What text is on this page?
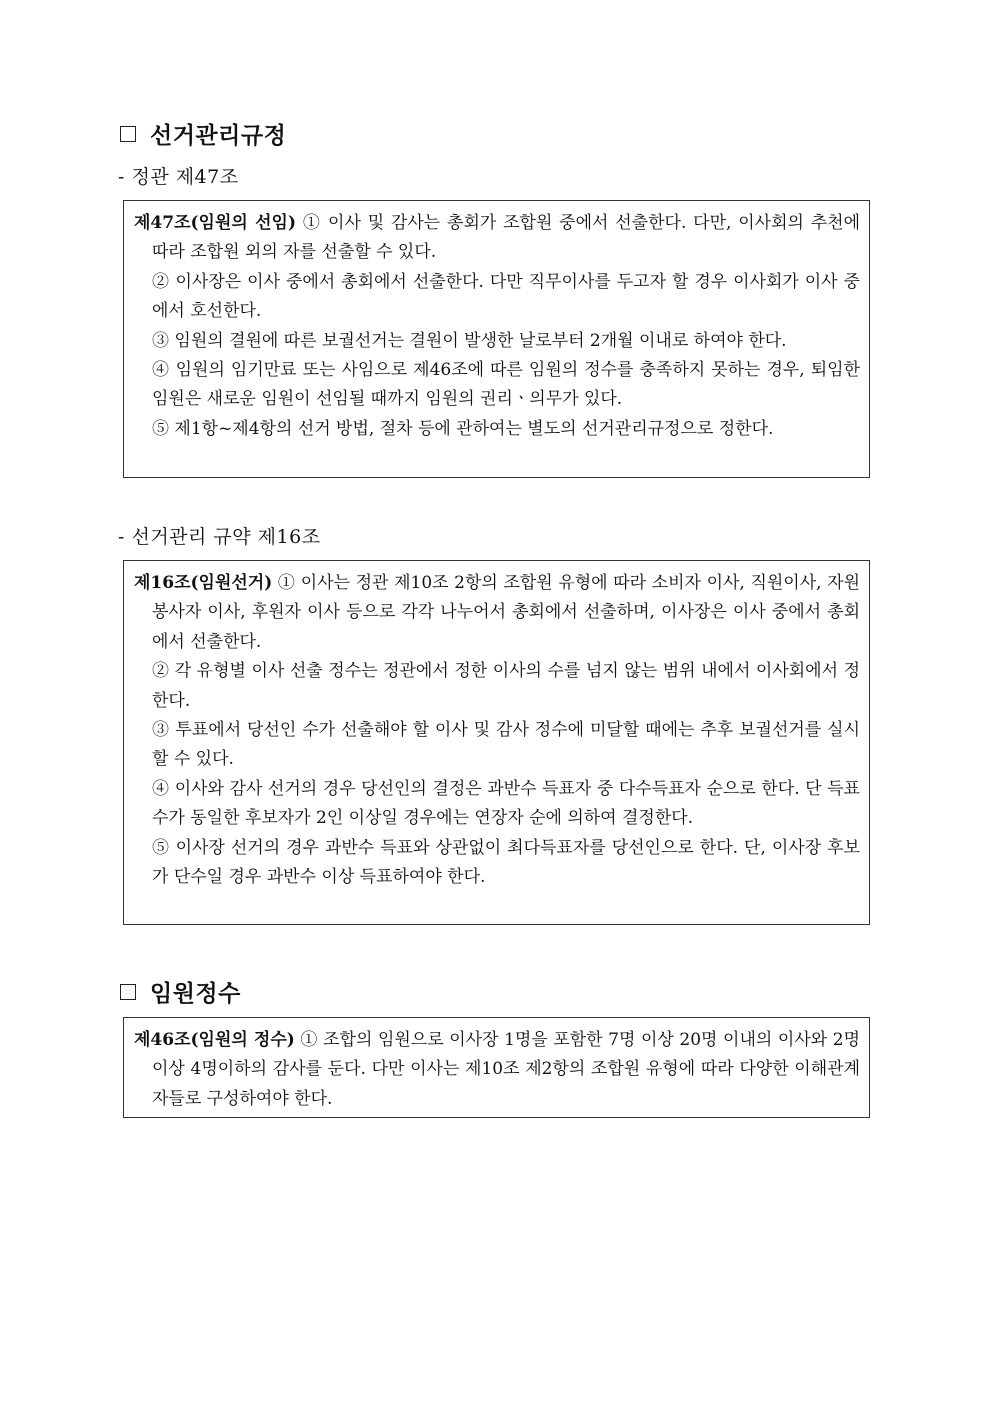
선거관리규정
- 정관 제47조

제47조(임원의 선임) ① 이사 및 감사는 총회가 조합원 중에서 선출한다. 다만, 이사회의 추천에 따라 조합원 외의 자를 선출할 수 있다.

② 이사장은 이사 중에서 총회에서 선출한다. 다만 직무이사를 두고자 할 경우 이사회가 이사 중에서 호선한다.

③ 임원의 결원에 따른 보궐선거는 결원이 발생한 날로부터 2개월 이내로 하여야 한다.

④ 임원의 임기만료 또는 사임으로 제46조에 따른 임원의 정수를 충족하지 못하는 경우, 퇴임한 임원은 새로운 임원이 선임될 때까지 임원의 권리ㆍ의무가 있다.

⑤ 제1항~제4항의 선거 방법, 절차 등에 관하여는 별도의 선거관리규정으로 정한다.

- 선거관리 규약 제16조

제16조(임원선거) ① 이사는 정관 제10조 2항의 조합원 유형에 따라 소비자 이사, 직원이사, 자원봉사자 이사, 후원자 이사 등으로 각각 나누어서 총회에서 선출하며, 이사장은 이사 중에서 총회에서 선출한다.

② 각 유형별 이사 선출 정수는 정관에서 정한 이사의 수를 넘지 않는 범위 내에서 이사회에서 정한다.

③ 투표에서 당선인 수가 선출해야 할 이사 및 감사 정수에 미달할 때에는 추후 보궐선거를 실시 할 수 있다.

④ 이사와 감사 선거의 경우 당선인의 결정은 과반수 득표자 중 다수득표자 순으로 한다. 단 득표수가 동일한 후보자가 2인 이상일 경우에는 연장자 순에 의하여 결정한다.

⑤ 이사장 선거의 경우 과반수 득표와 상관없이 최다득표자를 당선인으로 한다. 단, 이사장 후보가 단수일 경우 과반수 이상 득표하여야 한다.

임원정수

제46조(임원의 정수) ① 조합의 임원으로 이사장 1명을 포함한 7명 이상 20명 이내의 이사와 2명이상 4명이하의 감사를 둔다. 다만 이사는 제10조 제2항의 조합원 유형에 따라 다양한 이해관계자들로 구성하여야 한다.
